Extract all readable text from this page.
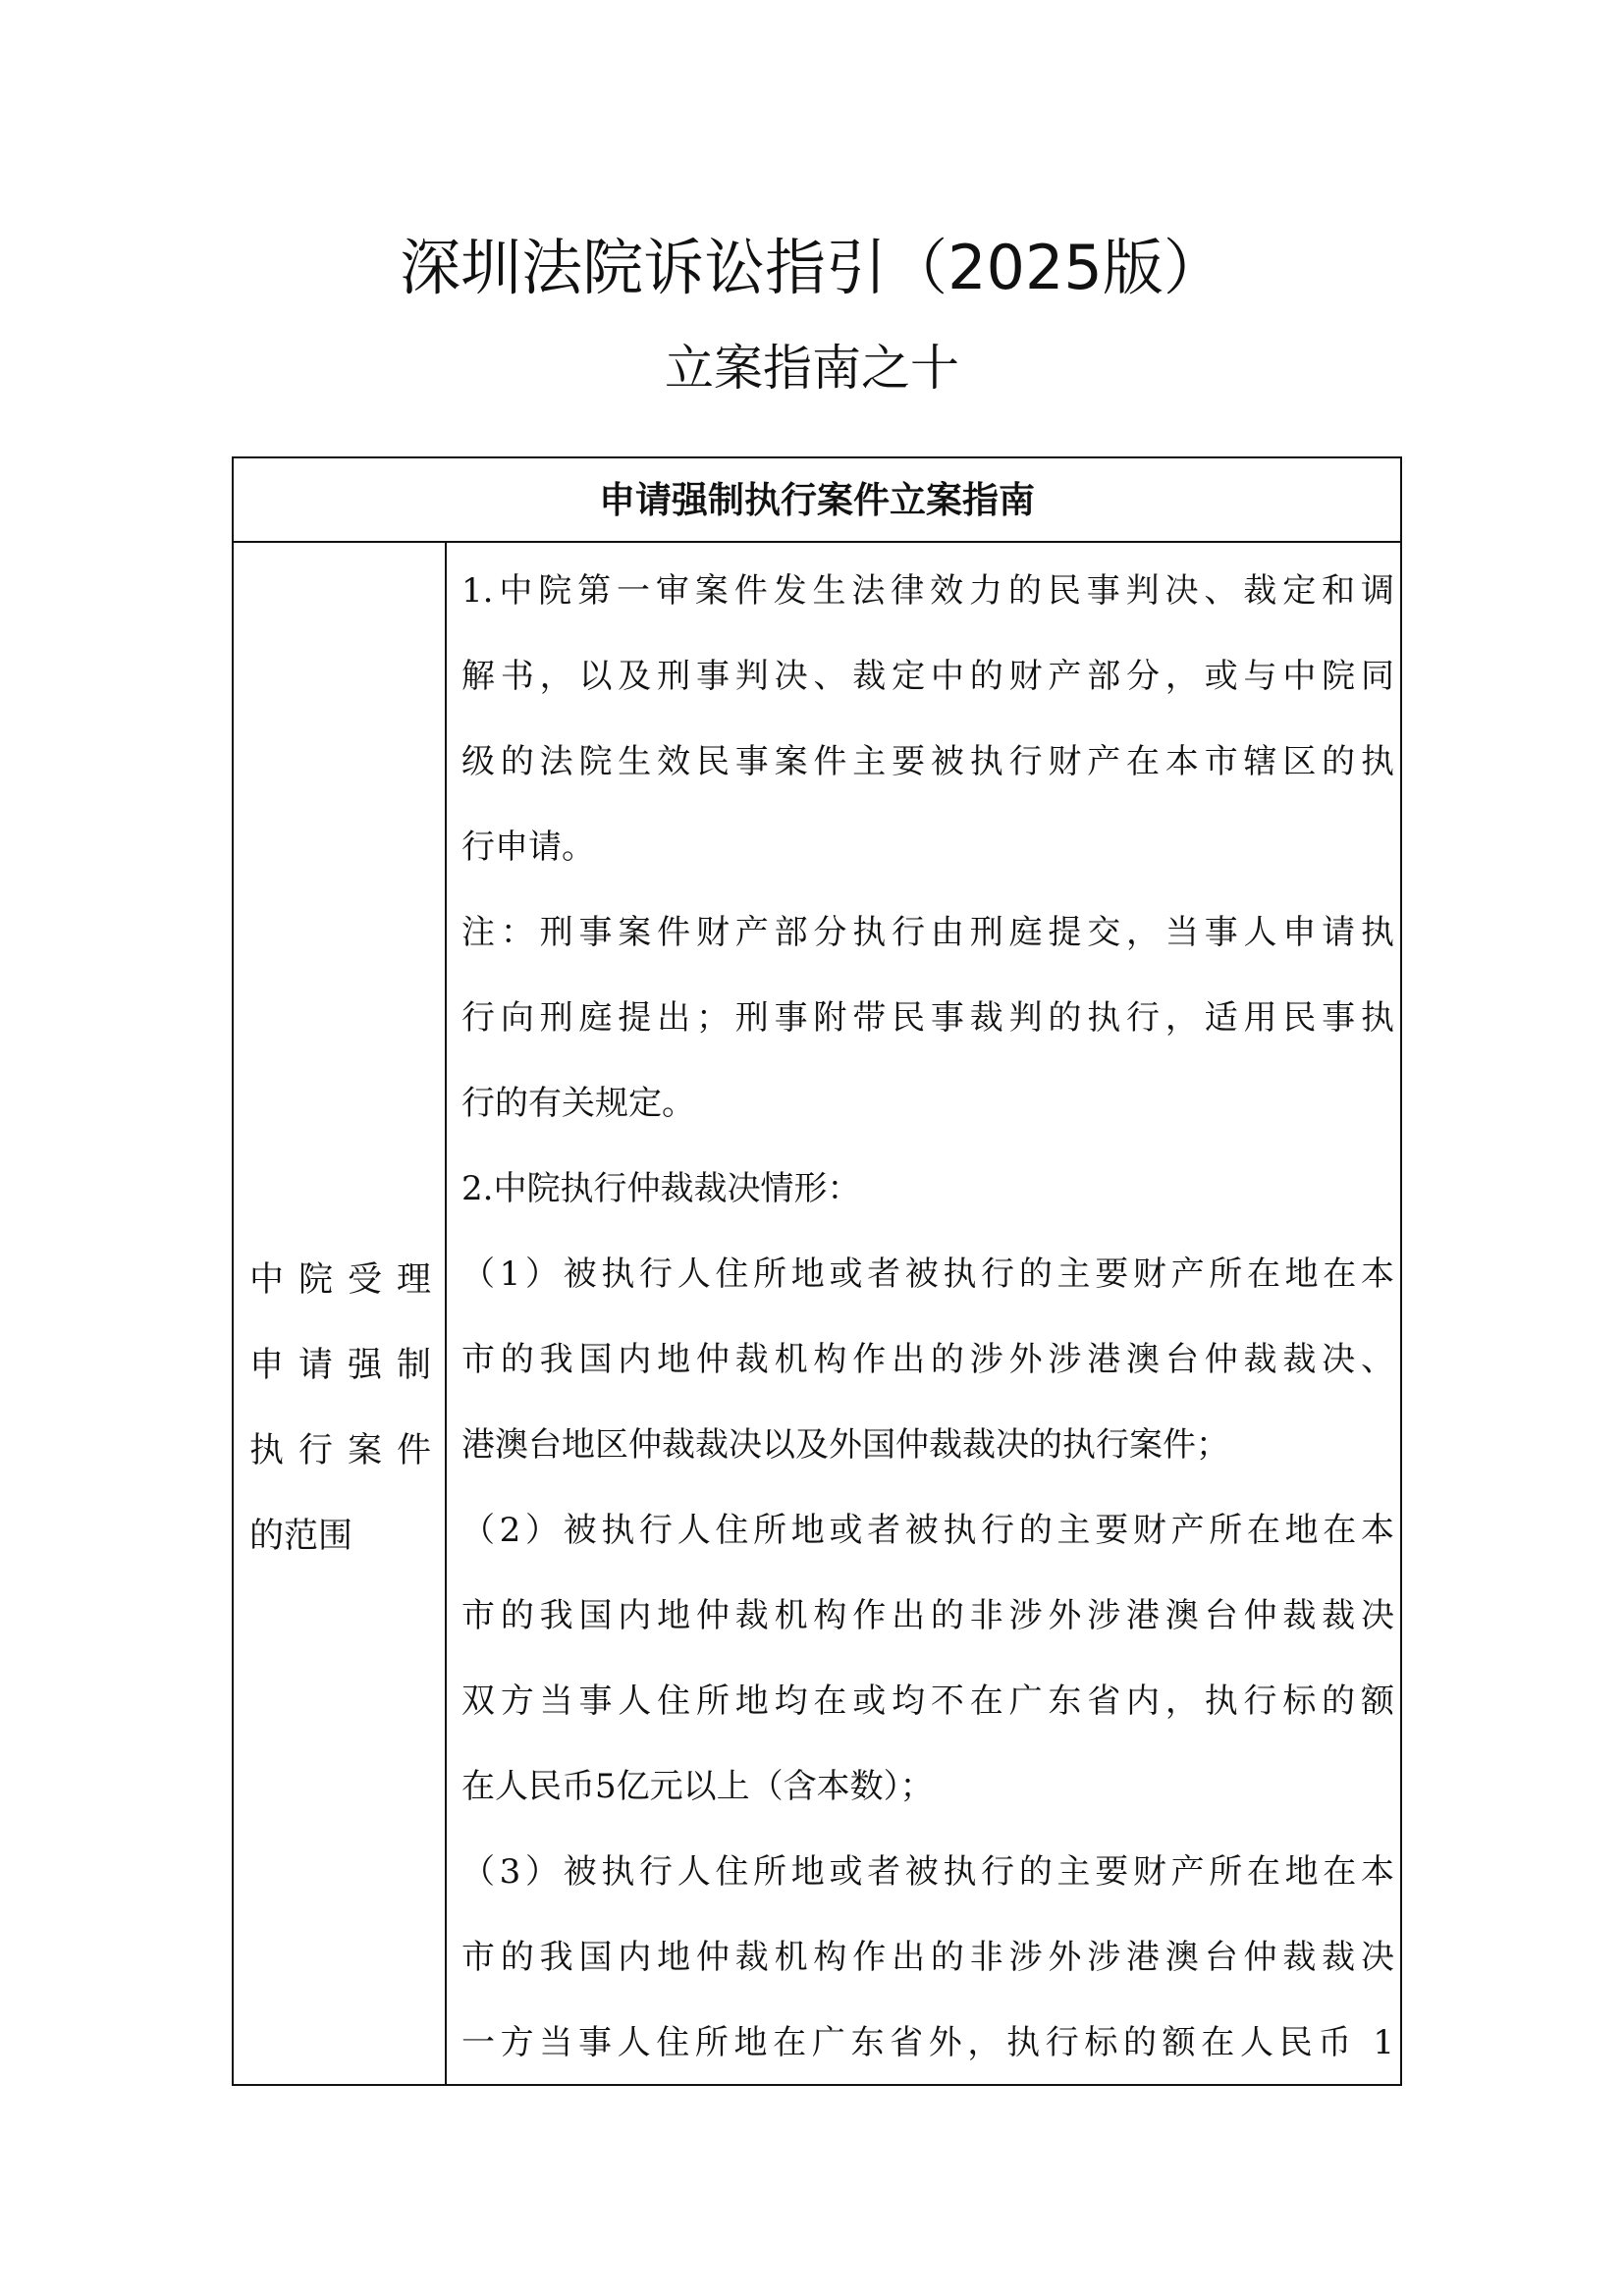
深圳法院诉讼指引（2025版）
立案指南之十
申请强制执行案件立案指南
中院受理
申请强制
执行案件
的范围
1.中院第一审案件发生法律效力的民事判决、裁定和调
解书，以及刑事判决、裁定中的财产部分，或与中院同
级的法院生效民事案件主要被执行财产在本市辖区的执
行申请。
注：刑事案件财产部分执行由刑庭提交，当事人申请执
行向刑庭提出；刑事附带民事裁判的执行，适用民事执
行的有关规定。
2.中院执行仲裁裁决情形：
（1）被执行人住所地或者被执行的主要财产所在地在本
市的我国内地仲裁机构作出的涉外涉港澳台仲裁裁决、
港澳台地区仲裁裁决以及外国仲裁裁决的执行案件；
（2）被执行人住所地或者被执行的主要财产所在地在本
市的我国内地仲裁机构作出的非涉外涉港澳台仲裁裁决
双方当事人住所地均在或均不在广东省内，执行标的额
在人民币5亿元以上（含本数）；
（3）被执行人住所地或者被执行的主要财产所在地在本
市的我国内地仲裁机构作出的非涉外涉港澳台仲裁裁决
一方当事人住所地在广东省外，执行标的额在人民币 1
